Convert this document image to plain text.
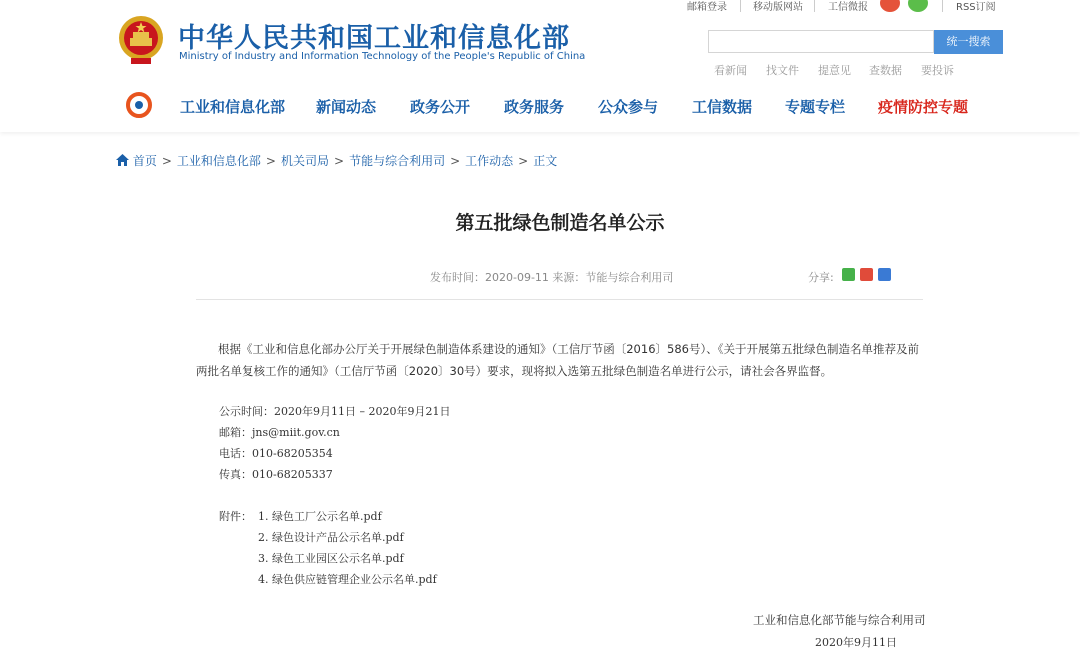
中华人民共和国工业和信息化部
Ministry of Industry and Information Technology of the People's Republic of China
邮箱登录	移动版网站	工信微报	RSS订阅
统一搜索
看新闻 找文件 提意见 查数据 要投诉
工业和信息化部 新闻动态 政务公开 政务服务 公众参与 工信数据 专题专栏 疫情防控专题
首页 > 工业和信息化部 > 机关司局 > 节能与综合利用司 > 工作动态 > 正文
第五批绿色制造名单公示
发布时间：2020-09-11 来源：节能与综合利用司	分享:
根据《工业和信息化部办公厅关于开展绿色制造体系建设的通知》（工信厅节函〔2016〕586号）、《关于开展第五批绿色制造名单推荐及前
两批名单复核工作的通知》（工信厅节函〔2020〕30号）要求，现将拟入选第五批绿色制造名单进行公示，请社会各界监督。
公示时间：2020年9月11日 – 2020年9月21日
邮箱：jns@miit.gov.cn
电话：010-68205354
传真：010-68205337
附件： 1. 绿色工厂公示名单.pdf
2. 绿色设计产品公示名单.pdf
3. 绿色工业园区公示名单.pdf
4. 绿色供应链管理企业公示名单.pdf
工业和信息化部节能与综合利用司
2020年9月11日
